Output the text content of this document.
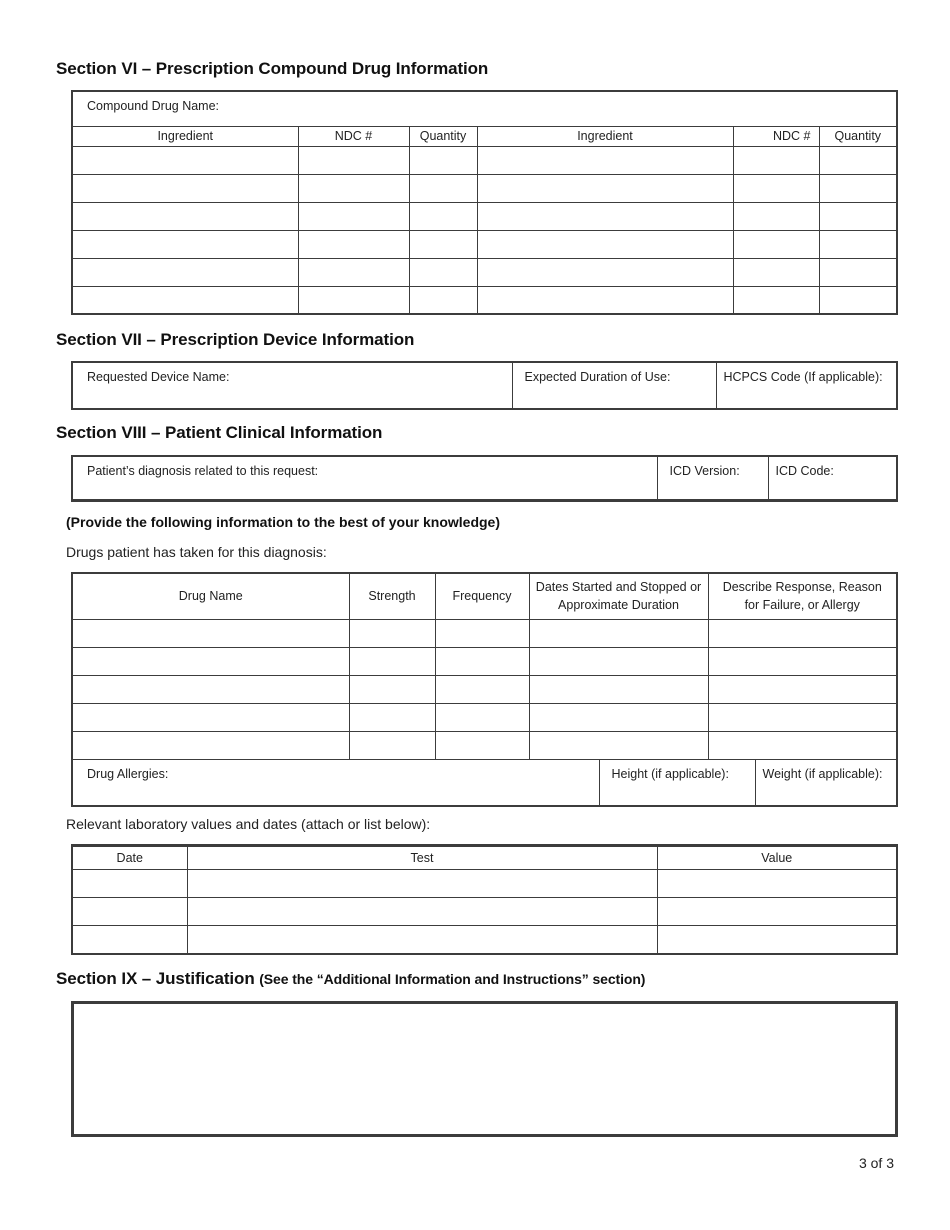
Section VI – Prescription Compound Drug Information
Compound Drug Name:					
Ingredient	NDC #	Quantity	Ingredient	NDC #	Quantity

Section VII – Prescription Device Information
Requested Device Name:	Expected Duration of Use:	HCPCS Code (If applicable):
Section VIII – Patient Clinical Information
Patient’s diagnosis related to this request:	ICD Version:	ICD Code:
(Provide the following information to the best of your knowledge)
Drugs patient has taken for this diagnosis:
Drug Name	Strength	Frequency	Dates Started and Stopped or Approximate Duration		Describe Response, Reason for Failure, or Allergy	

Drug Allergies:				Height (if applicable):		Weight (if applicable):
Relevant laboratory values and dates (attach or list below):
Date	Test	Value

Section IX – Justification (See the “Additional Information and Instructions” section)
3 of 3
